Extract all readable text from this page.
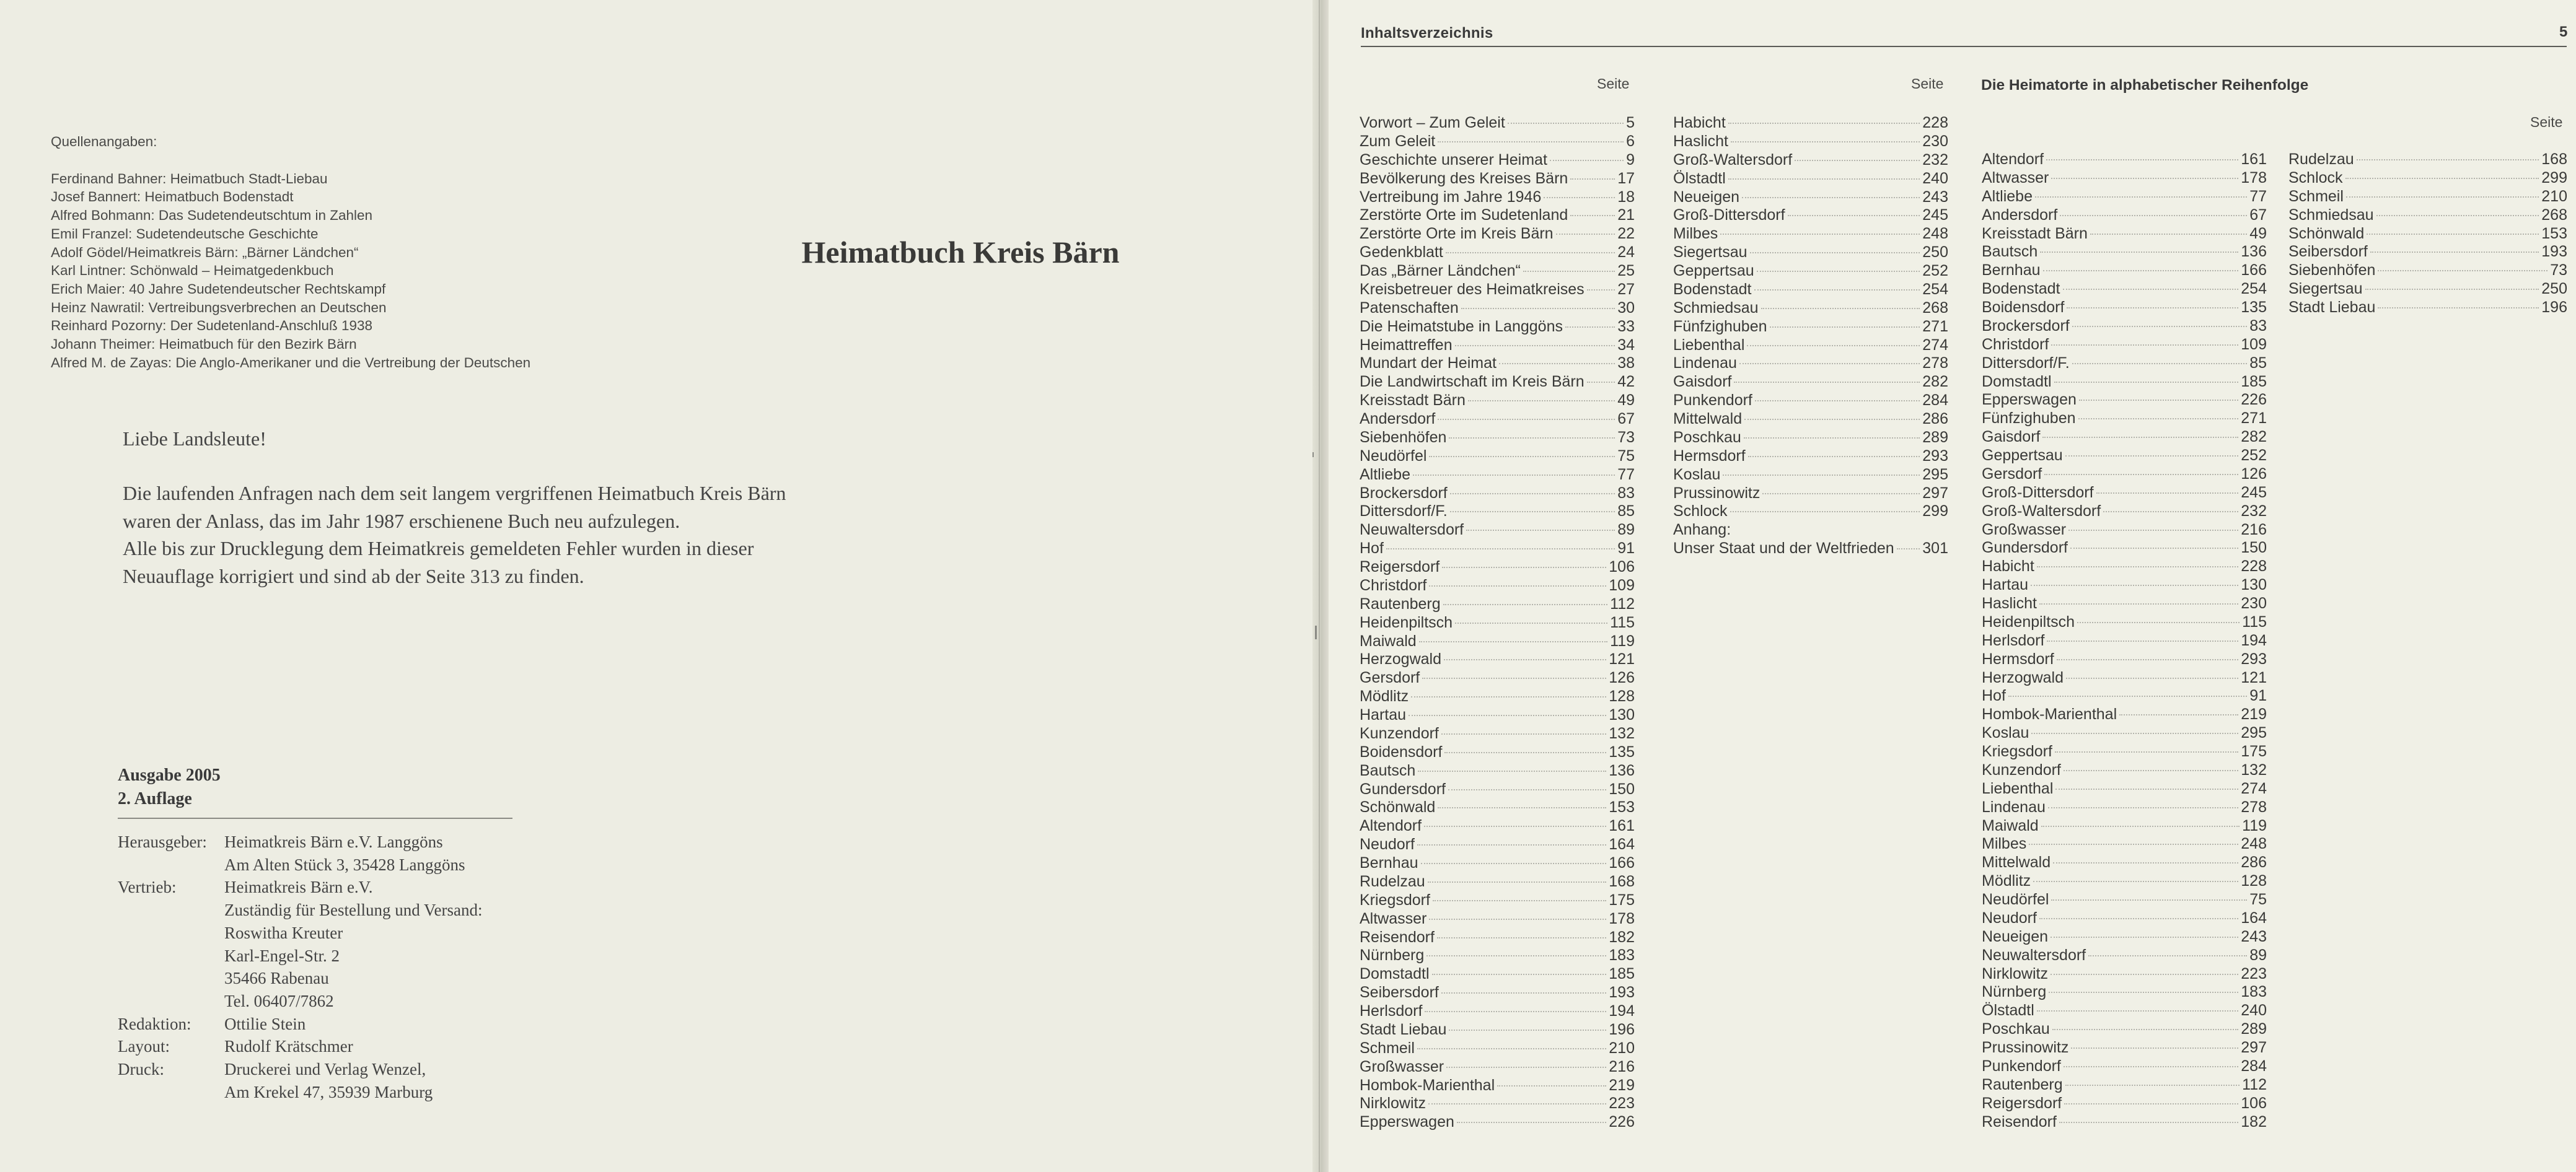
Quellenangaben:
Ferdinand Bahner: Heimatbuch Stadt-Liebau
Josef Bannert: Heimatbuch Bodenstadt
Alfred Bohmann: Das Sudetendeutschtum in Zahlen
Emil Franzel: Sudetendeutsche Geschichte
Adolf Gödel/Heimatkreis Bärn: „Bärner Ländchen“
Karl Lintner: Schönwald – Heimatgedenkbuch
Erich Maier: 40 Jahre Sudetendeutscher Rechtskampf
Heinz Nawratil: Vertreibungsverbrechen an Deutschen
Reinhard Pozorny: Der Sudetenland-Anschluß 1938
Johann Theimer: Heimatbuch für den Bezirk Bärn
Alfred M. de Zayas: Die Anglo-Amerikaner und die Vertreibung der Deutschen
Heimatbuch Kreis Bärn
Liebe Landsleute!
Die laufenden Anfragen nach dem seit langem vergriffenen Heimatbuch Kreis Bärn
waren der Anlass, das im Jahr 1987 erschienene Buch neu aufzulegen.
Alle bis zur Drucklegung dem Heimatkreis gemeldeten Fehler wurden in dieser
Neuauflage korrigiert und sind ab der Seite 313 zu finden.
Ausgabe 2005
2. Auflage
Herausgeber:	Heimatkreis Bärn e.V. Langgöns
Am Alten Stück 3, 35428 Langgöns
Vertrieb:	Heimatkreis Bärn e.V.
Zuständig für Bestellung und Versand:
Roswitha Kreuter
Karl-Engel-Str. 2
35466 Rabenau
Tel. 06407/7862
Redaktion:	Ottilie Stein
Layout:	Rudolf Krätschmer
Druck:	Druckerei und Verlag Wenzel,
Am Krekel 47, 35939 Marburg
Inhaltsverzeichnis	5
Seite	Seite Die Heimatorte in alphabetischer Reihenfolge
Seite
Vorwort – Zum Geleit	5
Zum Geleit	6
Geschichte unserer Heimat	9
Bevölkerung des Kreises Bärn	17
Vertreibung im Jahre 1946	18
Zerstörte Orte im Sudetenland	21
Zerstörte Orte im Kreis Bärn	22
Gedenkblatt	24
Das „Bärner Ländchen“	25
Kreisbetreuer des Heimatkreises 27
Patenschaften	30
Die Heimatstube in Langgöns	33
Heimattreffen	34
Mundart der Heimat	38
Die Landwirtschaft im Kreis Bärn 42
Kreisstadt Bärn	49
Andersdorf	67
Siebenhöfen	73
Neudörfel	75
Altliebe	77
Brockersdorf	83
Dittersdorf/F.	85
Neuwaltersdorf	89
Hof	91
Reigersdorf	106
Christdorf	109
Rautenberg	112
Heidenpiltsch	115
Maiwald	119
Herzogwald	121
Gersdorf	126
Mödlitz	128
Hartau	130
Kunzendorf	132
Boidensdorf	135
Bautsch	136
Gundersdorf	150
Schönwald	153
Altendorf	161
Neudorf	164
Bernhau	166
Rudelzau	168
Kriegsdorf	175
Altwasser	178
Reisendorf	182
Nürnberg	183
Domstadtl	185
Seibersdorf	193
Herlsdorf	194
Stadt Liebau	196
Schmeil	210
Großwasser	216
Hombok-Marienthal	219
Nirklowitz	223
Epperswagen	226
Habicht	228
Haslicht	230
Groß-Waltersdorf	232
Ölstadtl	240
Neueigen	243
Groß-Dittersdorf	245
Milbes	248
Siegertsau	250
Geppertsau	252
Bodenstadt	254
Schmiedsau	268
Fünfzighuben	271
Liebenthal	274
Lindenau	278
Gaisdorf	282
Punkendorf	284
Mittelwald	286
Poschkau	289
Hermsdorf	293
Koslau	295
Prussinowitz	297
Schlock	299
Anhang:
Unser Staat und der Weltfrieden 301
Altendorf	161
Altwasser	178
Altliebe	77
Andersdorf	67
Kreisstadt Bärn	49
Bautsch	136
Bernhau	166
Bodenstadt	254
Boidensdorf	135
Brockersdorf	83
Christdorf	109
Dittersdorf/F.	85
Domstadtl	185
Epperswagen	226
Fünfzighuben	271
Gaisdorf	282
Geppertsau	252
Gersdorf	126
Groß-Dittersdorf	245
Groß-Waltersdorf	232
Großwasser	216
Gundersdorf	150
Habicht	228
Hartau	130
Haslicht	230
Heidenpiltsch	115
Herlsdorf	194
Hermsdorf	293
Herzogwald	121
Hof	91
Hombok-Marienthal	219
Koslau	295
Kriegsdorf	175
Kunzendorf	132
Liebenthal	274
Lindenau	278
Maiwald	119
Milbes	248
Mittelwald	286
Mödlitz	128
Neudörfel	75
Neudorf	164
Neueigen	243
Neuwaltersdorf	89
Nirklowitz	223
Nürnberg	183
Ölstadtl	240
Poschkau	289
Prussinowitz	297
Punkendorf	284
Rautenberg	112
Reigersdorf	106
Reisendorf	182
Rudelzau	168
Schlock	299
Schmeil	210
Schmiedsau	268
Schönwald	153
Seibersdorf	193
Siebenhöfen	73
Siegertsau	250
Stadt Liebau	196
